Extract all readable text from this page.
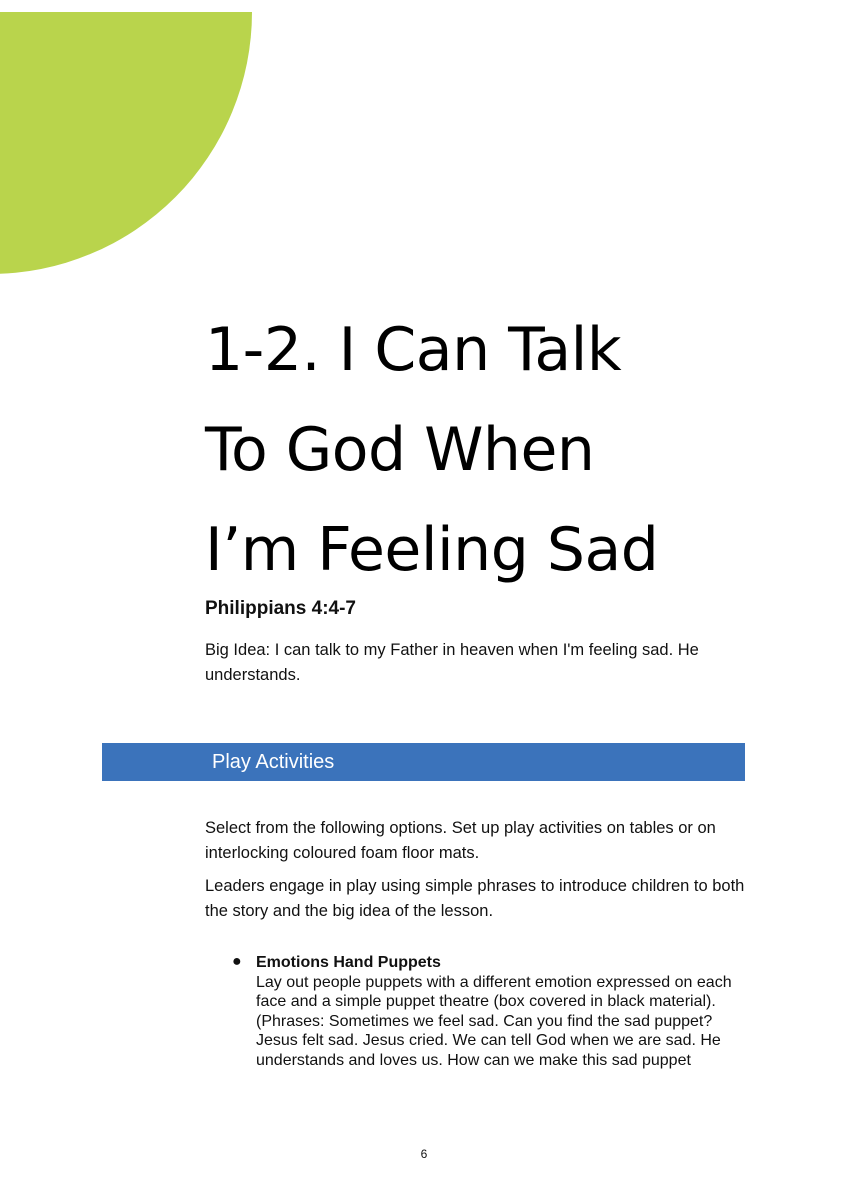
1-2. I Can Talk
To God When
I’m Feeling Sad
Philippians 4:4-7
Big Idea: I can talk to my Father in heaven when I'm feeling sad. He understands.
Play Activities
Select from the following options. Set up play activities on tables or on interlocking coloured foam floor mats.
Leaders engage in play using simple phrases to introduce children to both the story and the big idea of the lesson.
● Emotions Hand Puppets
Lay out people puppets with a different emotion expressed on each face and a simple puppet theatre (box covered in black material).
(Phrases: Sometimes we feel sad. Can you find the sad puppet? Jesus felt sad. Jesus cried. We can tell God when we are sad. He understands and loves us. How can we make this sad puppet
6
